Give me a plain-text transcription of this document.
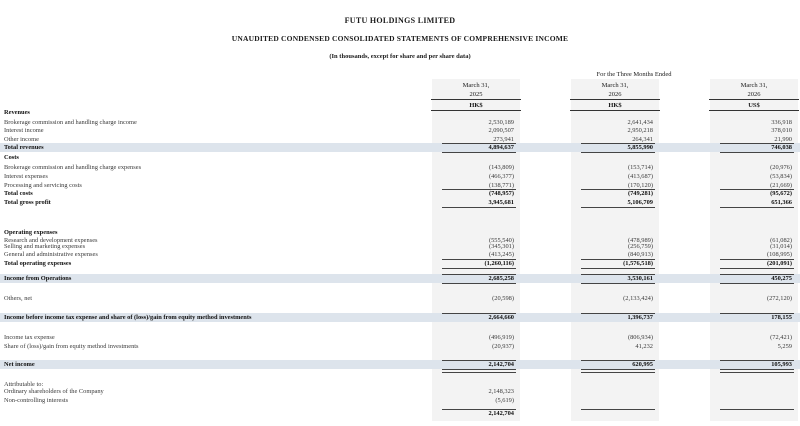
FUTU HOLDINGS LIMITED
UNAUDITED CONDENSED CONSOLIDATED STATEMENTS OF COMPREHENSIVE INCOME
(In thousands, except for share and per share data)
For the Three Months Ended
March 31,
2025
HK$
March 31,
2026
HK$
March 31,
2026
US$
Revenues
Brokerage commission and handling charge income	2,530,189	2,641,434	336,918
Interest income	2,090,507	2,950,218	378,010
Other income	273,941	264,341	21,990
Total revenues	4,894,637	5,855,990	746,038
Costs
Brokerage commission and handling charge expenses	(143,809)	(153,714)	(20,976)
Interest expenses	(466,377)	(413,687)	(53,834)
Processing and servicing costs	(138,771)	(170,120)	(21,669)
Total costs	(748,957)	(749,281)	(95,672)
Total gross profit	3,945,681	5,106,709	651,366
Operating expenses
Research and development expenses	(555,540)	(478,989)	(61,082)
Selling and marketing expenses	(345,301)	(256,759)	(31,014)
General and administrative expenses	(413,245)	(840,913)	(108,995)
Total operating expenses	(1,260,116)	(1,576,518)	(201,091)
Income from Operations	2,685,258	3,530,161	450,275
Others, net	(20,598)	(2,133,424)	(272,120)
Income before income tax expense and share of (loss)/gain from equity method investments	2,664,660	1,396,737	178,155
Income tax expense	(496,919)	(806,934)	(72,421)
Share of (loss)/gain from equity method investments	(20,937)	41,232	5,259
Net income	2,142,704	620,995	105,993
Attributable to:
Ordinary shareholders of the Company	2,148,323
Non-controlling interests	(5,619)
2,142,704
